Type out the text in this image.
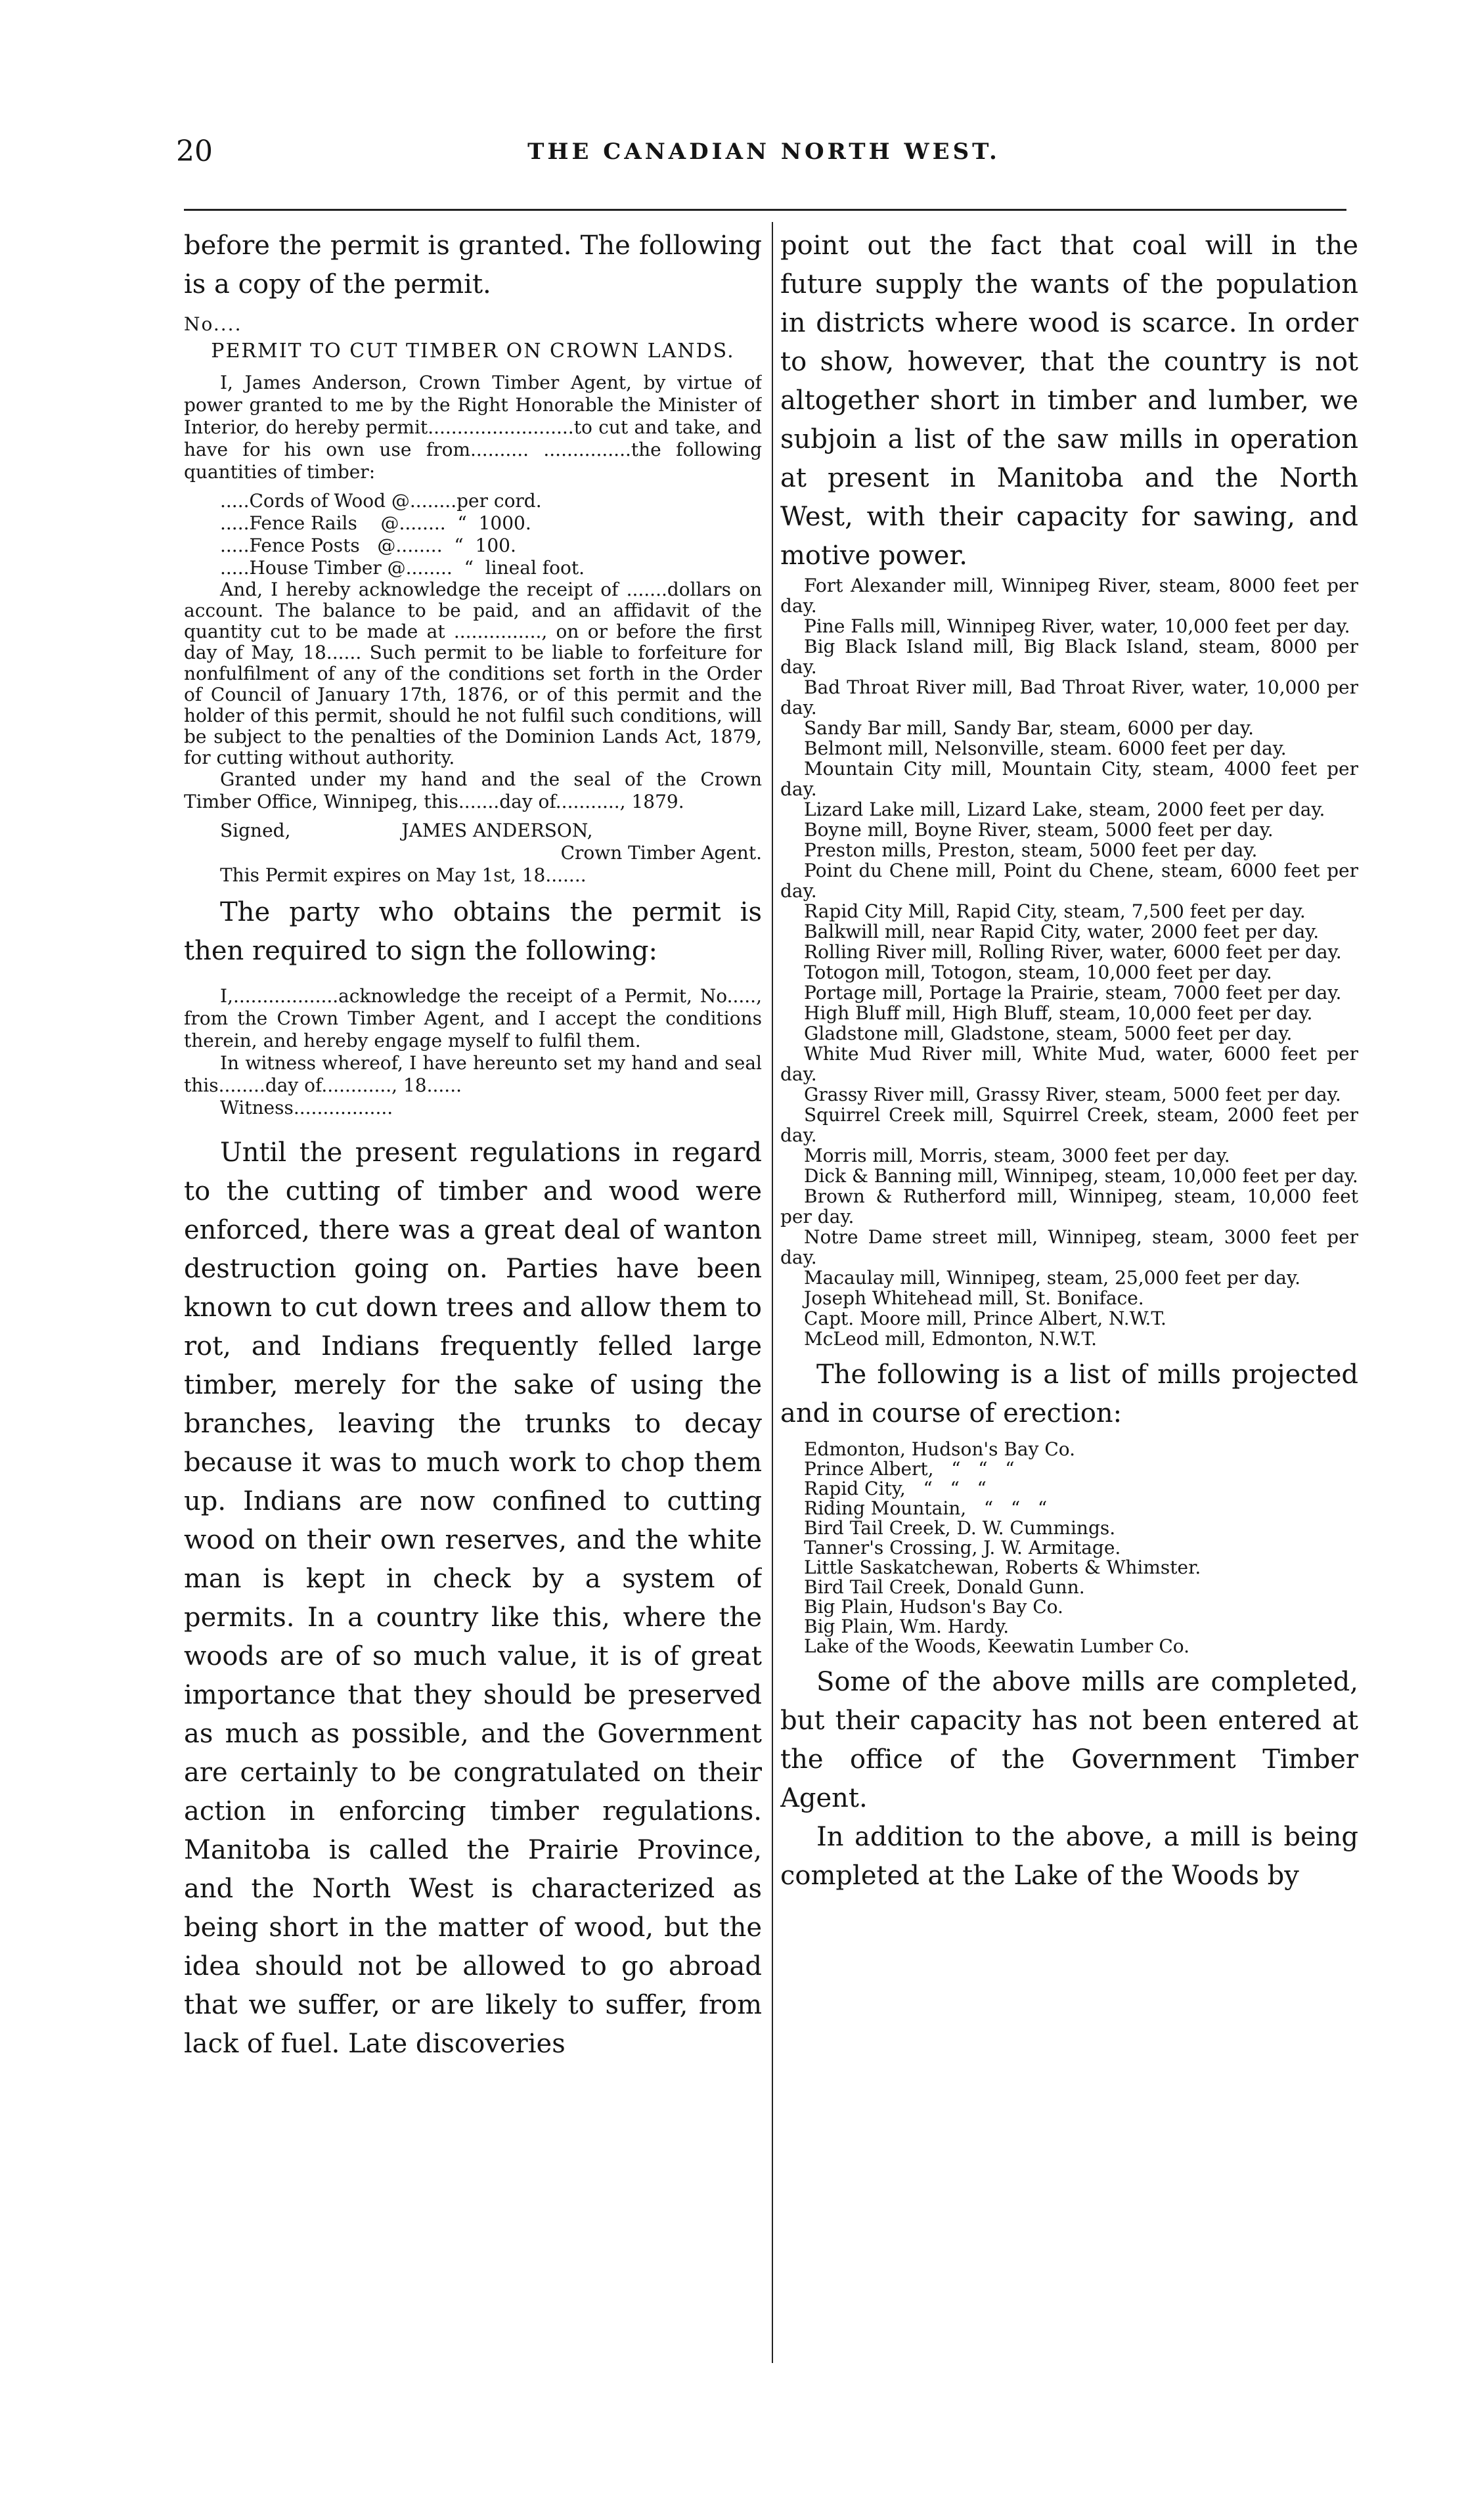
20	THE CANADIAN NORTH WEST.

before the permit is granted. The following is a copy of the permit.

No....
PERMIT TO CUT TIMBER ON CROWN LANDS.

I, James Anderson, Crown Timber Agent, by virtue of power granted to me by the Right Honorable the Minister of Interior, do hereby permit.........................to cut and take, and have for his own use from.......... ...............the following quantities of timber:

.....Cords of Wood @........per cord.

.....Fence Rails    @........  “  1000.

.....Fence Posts   @........  “  100.

.....House Timber @........  “  lineal foot.

And, I hereby acknowledge the receipt of .......dollars on account. The balance to be paid, and an affidavit of the quantity cut to be made at ..............., on or before the first day of May, 18...... Such permit to be liable to forfeiture for nonfulfilment of any of the conditions set forth in the Order of Council of January 17th, 1876, or of this permit and the holder of this permit, should he not fulfil such conditions, will be subject to the penalties of the Dominion Lands Act, 1879, for cutting without authority.

Granted under my hand and the seal of the Crown Timber Office, Winnipeg, this.......day of..........., 1879.

Signed,	JAMES ANDERSON,

Crown Timber Agent.

This Permit expires on May 1st, 18.......

The party who obtains the permit is then required to sign the following:

I,..................acknowledge the receipt of a Permit, No....., from the Crown Timber Agent, and I accept the conditions therein, and hereby engage myself to fulfil them.

In witness whereof, I have hereunto set my hand and seal this........day of............, 18......

Witness.................

Until the present regulations in regard to the cutting of timber and wood were enforced, there was a great deal of wanton destruction going on. Parties have been known to cut down trees and allow them to rot, and Indians frequently felled large timber, merely for the sake of using the branches, leaving the trunks to decay because it was to much work to chop them up. Indians are now confined to cutting wood on their own reserves, and the white man is kept in check by a system of permits. In a country like this, where the woods are of so much value, it is of great importance that they should be preserved as much as possible, and the Government are certainly to be congratulated on their action in enforcing timber regulations. Manitoba is called the Prairie Province, and the North West is characterized as being short in the matter of wood, but the idea should not be allowed to go abroad that we suffer, or are likely to suffer, from lack of fuel. Late discoveries

point out the fact that coal will in the future supply the wants of the population in districts where wood is scarce. In order to show, however, that the country is not altogether short in timber and lumber, we subjoin a list of the saw mills in operation at present in Manitoba and the North West, with their capacity for sawing, and motive power.

Fort Alexander mill, Winnipeg River, steam, 8000 feet per day.

Pine Falls mill, Winnipeg River, water, 10,000 feet per day.

Big Black Island mill, Big Black Island, steam, 8000 per day.

Bad Throat River mill, Bad Throat River, water, 10,000 per day.

Sandy Bar mill, Sandy Bar, steam, 6000 per day.

Belmont mill, Nelsonville, steam. 6000 feet per day.

Mountain City mill, Mountain City, steam, 4000 feet per day.

Lizard Lake mill, Lizard Lake, steam, 2000 feet per day.

Boyne mill, Boyne River, steam, 5000 feet per day.

Preston mills, Preston, steam, 5000 feet per day.

Point du Chene mill, Point du Chene, steam, 6000 feet per day.

Rapid City Mill, Rapid City, steam, 7,500 feet per day.

Balkwill mill, near Rapid City, water, 2000 feet per day.

Rolling River mill, Rolling River, water, 6000 feet per day.

Totogon mill, Totogon, steam, 10,000 feet per day.

Portage mill, Portage la Prairie, steam, 7000 feet per day.

High Bluff mill, High Bluff, steam, 10,000 feet per day.

Gladstone mill, Gladstone, steam, 5000 feet per day.

White Mud River mill, White Mud, water, 6000 feet per day.

Grassy River mill, Grassy River, steam, 5000 feet per day.

Squirrel Creek mill, Squirrel Creek, steam, 2000 feet per day.

Morris mill, Morris, steam, 3000 feet per day.

Dick & Banning mill, Winnipeg, steam, 10,000 feet per day.

Brown & Rutherford mill, Winnipeg, steam, 10,000 feet per day.

Notre Dame street mill, Winnipeg, steam, 3000 feet per day.

Macaulay mill, Winnipeg, steam, 25,000 feet per day.

Joseph Whitehead mill, St. Boniface.

Capt. Moore mill, Prince Albert, N.W.T.

McLeod mill, Edmonton, N.W.T.

The following is a list of mills projected and in course of erection:

Edmonton, Hudson's Bay Co.

Prince Albert,   “   “   “

Rapid City,   “   “   “

Riding Mountain,   “   “   “

Bird Tail Creek, D. W. Cummings.

Tanner's Crossing, J. W. Armitage.

Little Saskatchewan, Roberts & Whimster.

Bird Tail Creek, Donald Gunn.

Big Plain, Hudson's Bay Co.

Big Plain, Wm. Hardy.

Lake of the Woods, Keewatin Lumber Co.

Some of the above mills are completed, but their capacity has not been entered at the office of the Government Timber Agent.

In addition to the above, a mill is being completed at the Lake of the Woods by
